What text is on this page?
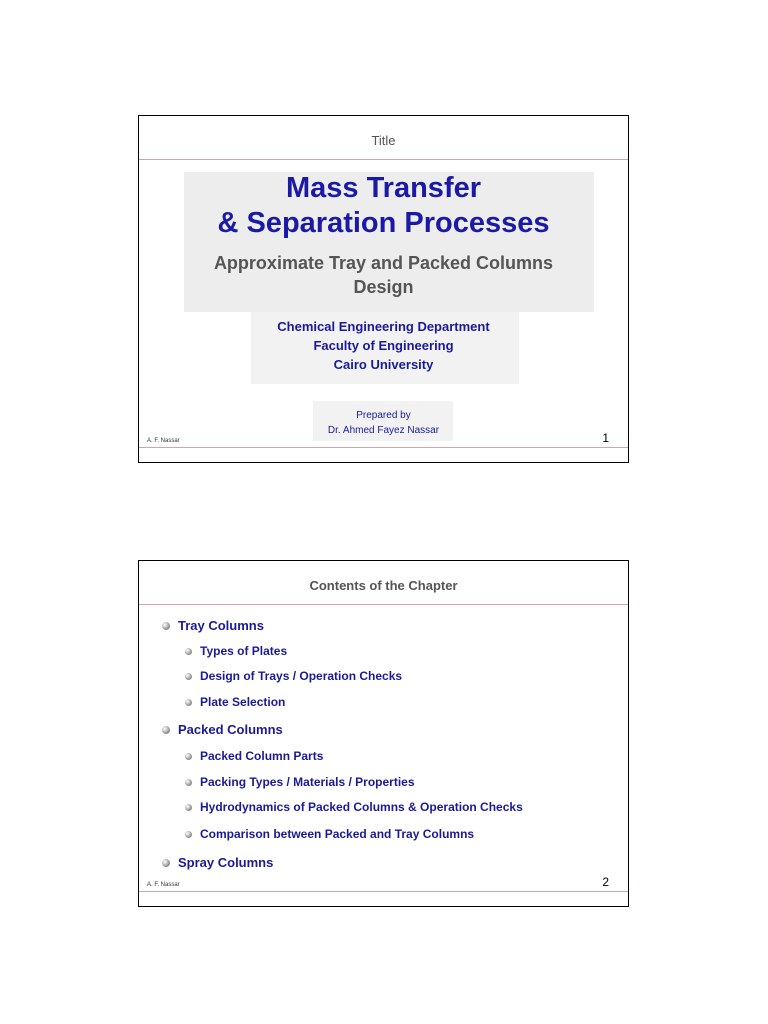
Title
Mass Transfer
& Separation Processes
Approximate Tray and Packed Columns
Design
Chemical Engineering Department
Faculty of Engineering
Cairo University
Prepared by
Dr. Ahmed Fayez Nassar
A. F. Nassar	1
Contents of the Chapter
Tray Columns
Types of Plates
Design of Trays / Operation Checks
Plate Selection
Packed Columns
Packed Column Parts
Packing Types / Materials / Properties
Hydrodynamics of Packed Columns & Operation Checks
Comparison between Packed and Tray Columns
Spray Columns
A. F. Nassar	2
